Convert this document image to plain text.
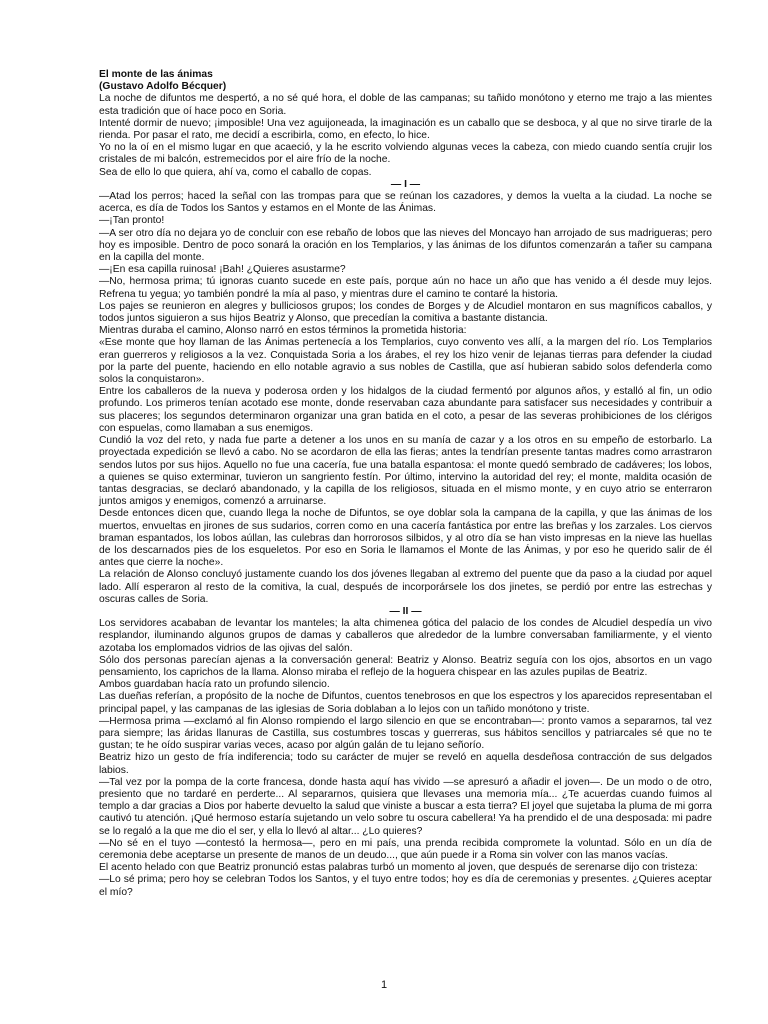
El monte de las ánimas

(Gustavo Adolfo Bécquer)

La noche de difuntos me despertó, a no sé qué hora, el doble de las campanas; su tañido monótono y eterno me trajo a las mientes esta tradición que oí hace poco en Soria.

Intenté dormir de nuevo; ¡imposible! Una vez aguijoneada, la imaginación es un caballo que se desboca, y al que no sirve tirarle de la rienda. Por pasar el rato, me decidí a escribirla, como, en efecto, lo hice.

Yo no la oí en el mismo lugar en que acaeció, y la he escrito volviendo algunas veces la cabeza, con miedo cuando sentía crujir los cristales de mi balcón, estremecidos por el aire frío de la noche.

Sea de ello lo que quiera, ahí va, como el caballo de copas.

— I —

—Atad los perros; haced la señal con las trompas para que se reúnan los cazadores, y demos la vuelta a la ciudad. La noche se acerca, es día de Todos los Santos y estamos en el Monte de las Ánimas.

—¡Tan pronto!

—A ser otro día no dejara yo de concluir con ese rebaño de lobos que las nieves del Moncayo han arrojado de sus madrigueras; pero hoy es imposible. Dentro de poco sonará la oración en los Templarios, y las ánimas de los difuntos comenzarán a tañer su campana en la capilla del monte.

—¡En esa capilla ruinosa! ¡Bah! ¿Quieres asustarme?

—No, hermosa prima; tú ignoras cuanto sucede en este país, porque aún no hace un año que has venido a él desde muy lejos. Refrena tu yegua; yo también pondré la mía al paso, y mientras dure el camino te contaré la historia.

Los pajes se reunieron en alegres y bulliciosos grupos; los condes de Borges y de Alcudiel montaron en sus magníficos caballos, y todos juntos siguieron a sus hijos Beatriz y Alonso, que precedían la comitiva a bastante distancia.

Mientras duraba el camino, Alonso narró en estos términos la prometida historia:

«Ese monte que hoy llaman de las Ánimas pertenecía a los Templarios, cuyo convento ves allí, a la margen del río. Los Templarios eran guerreros y religiosos a la vez. Conquistada Soria a los árabes, el rey los hizo venir de lejanas tierras para defender la ciudad por la parte del puente, haciendo en ello notable agravio a sus nobles de Castilla, que así hubieran sabido solos defenderla como solos la conquistaron».

Entre los caballeros de la nueva y poderosa orden y los hidalgos de la ciudad fermentó por algunos años, y estalló al fin, un odio profundo. Los primeros tenían acotado ese monte, donde reservaban caza abundante para satisfacer sus necesidades y contribuir a sus placeres; los segundos determinaron organizar una gran batida en el coto, a pesar de las severas prohibiciones de los clérigos con espuelas, como llamaban a sus enemigos.

Cundió la voz del reto, y nada fue parte a detener a los unos en su manía de cazar y a los otros en su empeño de estorbarlo. La proyectada expedición se llevó a cabo. No se acordaron de ella las fieras; antes la tendrían presente tantas madres como arrastraron sendos lutos por sus hijos. Aquello no fue una cacería, fue una batalla espantosa: el monte quedó sembrado de cadáveres; los lobos, a quienes se quiso exterminar, tuvieron un sangriento festín. Por último, intervino la autoridad del rey; el monte, maldita ocasión de tantas desgracias, se declaró abandonado, y la capilla de los religiosos, situada en el mismo monte, y en cuyo atrio se enterraron juntos amigos y enemigos, comenzó a arruinarse.

Desde entonces dicen que, cuando llega la noche de Difuntos, se oye doblar sola la campana de la capilla, y que las ánimas de los muertos, envueltas en jirones de sus sudarios, corren como en una cacería fantástica por entre las breñas y los zarzales. Los ciervos braman espantados, los lobos aúllan, las culebras dan horrorosos silbidos, y al otro día se han visto impresas en la nieve las huellas de los descarnados pies de los esqueletos. Por eso en Soria le llamamos el Monte de las Ánimas, y por eso he querido salir de él antes que cierre la noche».

La relación de Alonso concluyó justamente cuando los dos jóvenes llegaban al extremo del puente que da paso a la ciudad por aquel lado. Allí esperaron al resto de la comitiva, la cual, después de incorporársele los dos jinetes, se perdió por entre las estrechas y oscuras calles de Soria.

— II —

Los servidores acababan de levantar los manteles; la alta chimenea gótica del palacio de los condes de Alcudiel despedía un vivo resplandor, iluminando algunos grupos de damas y caballeros que alrededor de la lumbre conversaban familiarmente, y el viento azotaba los emplomados vidrios de las ojivas del salón.

Sólo dos personas parecían ajenas a la conversación general: Beatriz y Alonso. Beatriz seguía con los ojos, absortos en un vago pensamiento, los caprichos de la llama. Alonso miraba el reflejo de la hoguera chispear en las azules pupilas de Beatriz.

Ambos guardaban hacía rato un profundo silencio.

Las dueñas referían, a propósito de la noche de Difuntos, cuentos tenebrosos en que los espectros y los aparecidos representaban el principal papel, y las campanas de las iglesias de Soria doblaban a lo lejos con un tañido monótono y triste.

—Hermosa prima —exclamó al fin Alonso rompiendo el largo silencio en que se encontraban—: pronto vamos a separarnos, tal vez para siempre; las áridas llanuras de Castilla, sus costumbres toscas y guerreras, sus hábitos sencillos y patriarcales sé que no te gustan; te he oído suspirar varias veces, acaso por algún galán de tu lejano señorío.

Beatriz hizo un gesto de fría indiferencia; todo su carácter de mujer se reveló en aquella desdeñosa contracción de sus delgados labios.

—Tal vez por la pompa de la corte francesa, donde hasta aquí has vivido —se apresuró a añadir el joven—. De un modo o de otro, presiento que no tardaré en perderte... Al separarnos, quisiera que llevases una memoria mía... ¿Te acuerdas cuando fuimos al templo a dar gracias a Dios por haberte devuelto la salud que viniste a buscar a esta tierra? El joyel que sujetaba la pluma de mi gorra cautivó tu atención. ¡Qué hermoso estaría sujetando un velo sobre tu oscura cabellera! Ya ha prendido el de una desposada: mi padre se lo regaló a la que me dio el ser, y ella lo llevó al altar... ¿Lo quieres?

—No sé en el tuyo —contestó la hermosa—, pero en mi país, una prenda recibida compromete la voluntad. Sólo en un día de ceremonia debe aceptarse un presente de manos de un deudo..., que aún puede ir a Roma sin volver con las manos vacías.

El acento helado con que Beatriz pronunció estas palabras turbó un momento al joven, que después de serenarse dijo con tristeza:

—Lo sé prima; pero hoy se celebran Todos los Santos, y el tuyo entre todos; hoy es día de ceremonias y presentes. ¿Quieres aceptar el mío?

1
